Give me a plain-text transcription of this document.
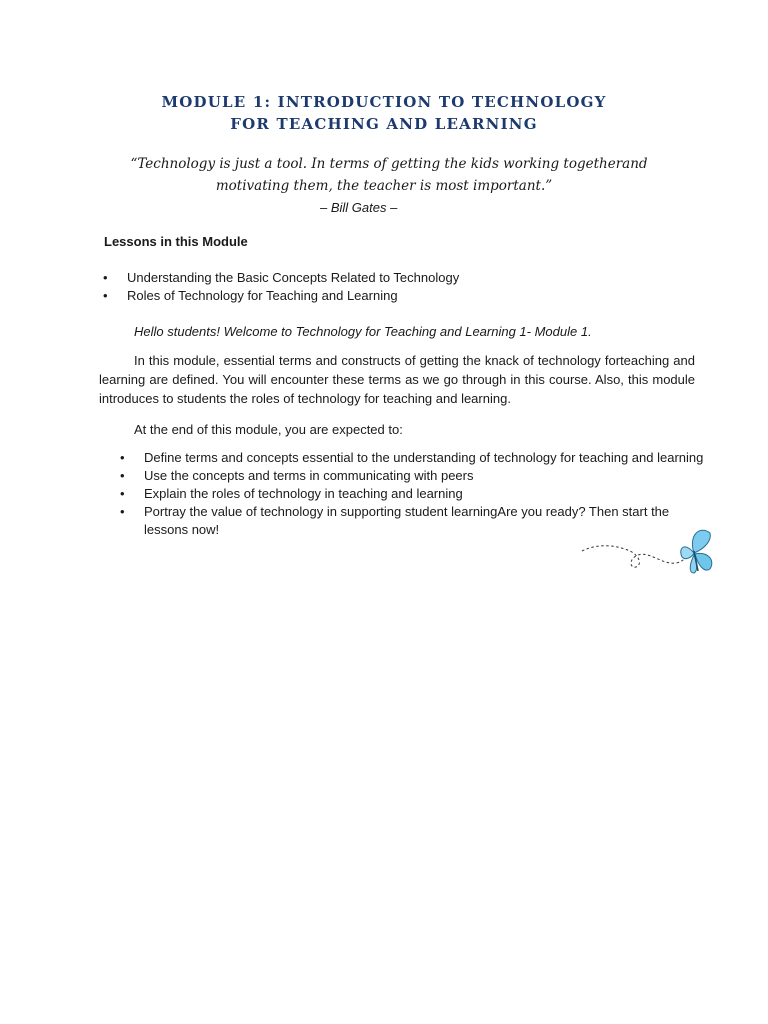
MODULE 1: INTRODUCTION TO TECHNOLOGY
FOR TEACHING AND LEARNING
“Technology is just a tool. In terms of getting the kids working togetherand
motivating them, the teacher is most important.”
– Bill Gates –
Lessons in this Module
• Understanding the Basic Concepts Related to Technology
• Roles of Technology for Teaching and Learning
Hello students! Welcome to Technology for Teaching and Learning 1- Module 1.
In this module, essential terms and constructs of getting the knack of technology forteaching and learning are defined. You will encounter these terms as we go through in this course. Also, this module introduces to students the roles of technology for teaching and learning.
At the end of this module, you are expected to:
• Define terms and concepts essential to the understanding of technology for teaching and learning
• Use the concepts and terms in communicating with peers
• Explain the roles of technology in teaching and learning
• Portray the value of technology in supporting student learningAre you ready? Then start the lessons now!
